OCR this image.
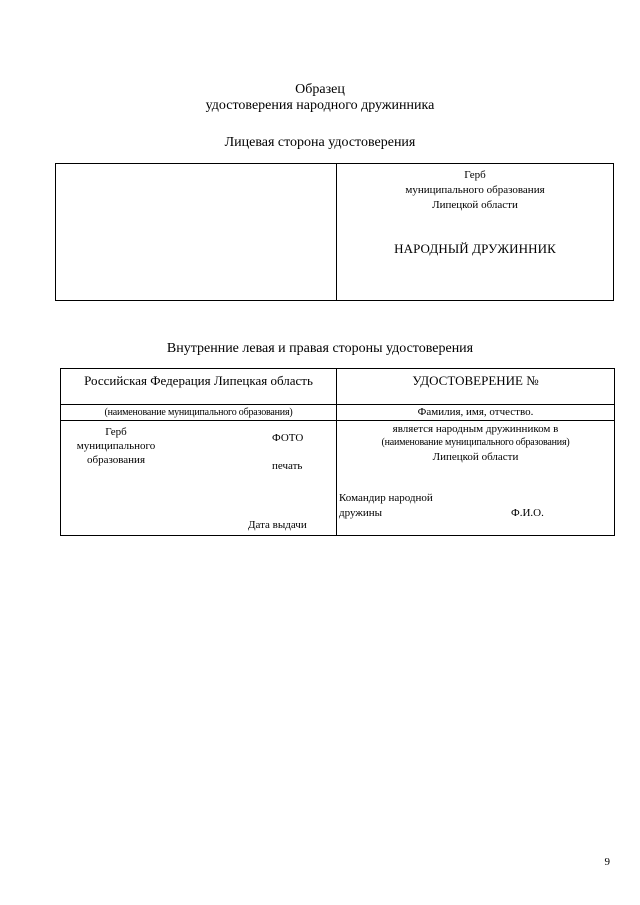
Образец
удостоверения народного дружинника
Лицевая сторона удостоверения
Герб
муниципального образования
Липецкой области
НАРОДНЫЙ ДРУЖИННИК
Внутренние левая и правая стороны удостоверения
Российская Федерация Липецкая область
(наименование муниципального образования)
Герб
муниципального
образования
ФОТО
печать
Дата выдачи
УДОСТОВЕРЕНИЕ №
Фамилия, имя, отчество.
является народным дружинником в
(наименование муниципального образования)
Липецкой области
Командир народной
дружины	Ф.И.О.
9
